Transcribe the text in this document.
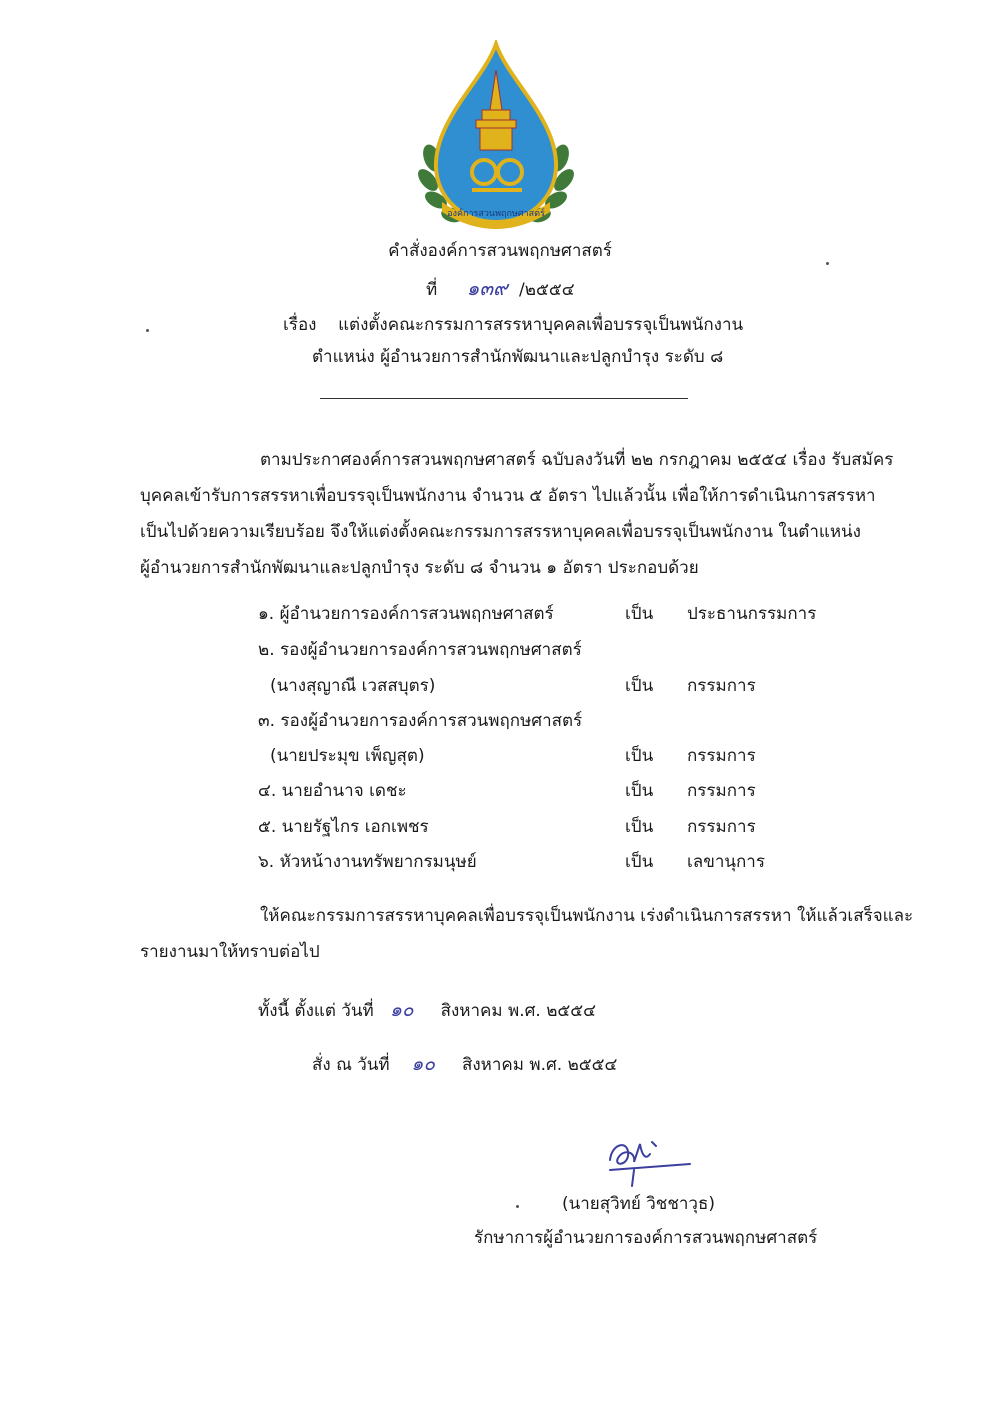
องค์การสวนพฤกษศาสตร์
คำสั่งองค์การสวนพฤกษศาสตร์
ที่ ๑๓๙ /๒๕๕๔
เรื่อง แต่งตั้งคณะกรรมการสรรหาบุคคลเพื่อบรรจุเป็นพนักงาน
ตำแหน่ง ผู้อำนวยการสำนักพัฒนาและปลูกบำรุง ระดับ ๘
ตามประกาศองค์การสวนพฤกษศาสตร์ ฉบับลงวันที่ ๒๒ กรกฎาคม ๒๕๕๔ เรื่อง รับสมัคร
บุคคลเข้ารับการสรรหาเพื่อบรรจุเป็นพนักงาน จำนวน ๕ อัตรา ไปแล้วนั้น เพื่อให้การดำเนินการสรรหา
เป็นไปด้วยความเรียบร้อย จึงให้แต่งตั้งคณะกรรมการสรรหาบุคคลเพื่อบรรจุเป็นพนักงาน ในตำแหน่ง
ผู้อำนวยการสำนักพัฒนาและปลูกบำรุง ระดับ ๘ จำนวน ๑ อัตรา ประกอบด้วย
๑. ผู้อำนวยการองค์การสวนพฤกษศาสตร์	เป็น ประธานกรรมการ
๒. รองผู้อำนวยการองค์การสวนพฤกษศาสตร์
(นางสุญาณี เวสสบุตร)	เป็น กรรมการ
๓. รองผู้อำนวยการองค์การสวนพฤกษศาสตร์
(นายประมุข เพ็ญสุต)	เป็น กรรมการ
๔. นายอำนาจ เดชะ	เป็น กรรมการ
๕. นายรัฐไกร เอกเพชร	เป็น กรรมการ
๖. หัวหน้างานทรัพยากรมนุษย์	เป็น เลขานุการ
ให้คณะกรรมการสรรหาบุคคลเพื่อบรรจุเป็นพนักงาน เร่งดำเนินการสรรหา ให้แล้วเสร็จและ
รายงานมาให้ทราบต่อไป
ทั้งนี้ ตั้งแต่ วันที่ ๑๐ สิงหาคม พ.ศ. ๒๕๕๔
สั่ง ณ วันที่ ๑๐ สิงหาคม พ.ศ. ๒๕๕๔
(นายสุวิทย์ วิชชาวุธ)
รักษาการผู้อำนวยการองค์การสวนพฤกษศาสตร์
